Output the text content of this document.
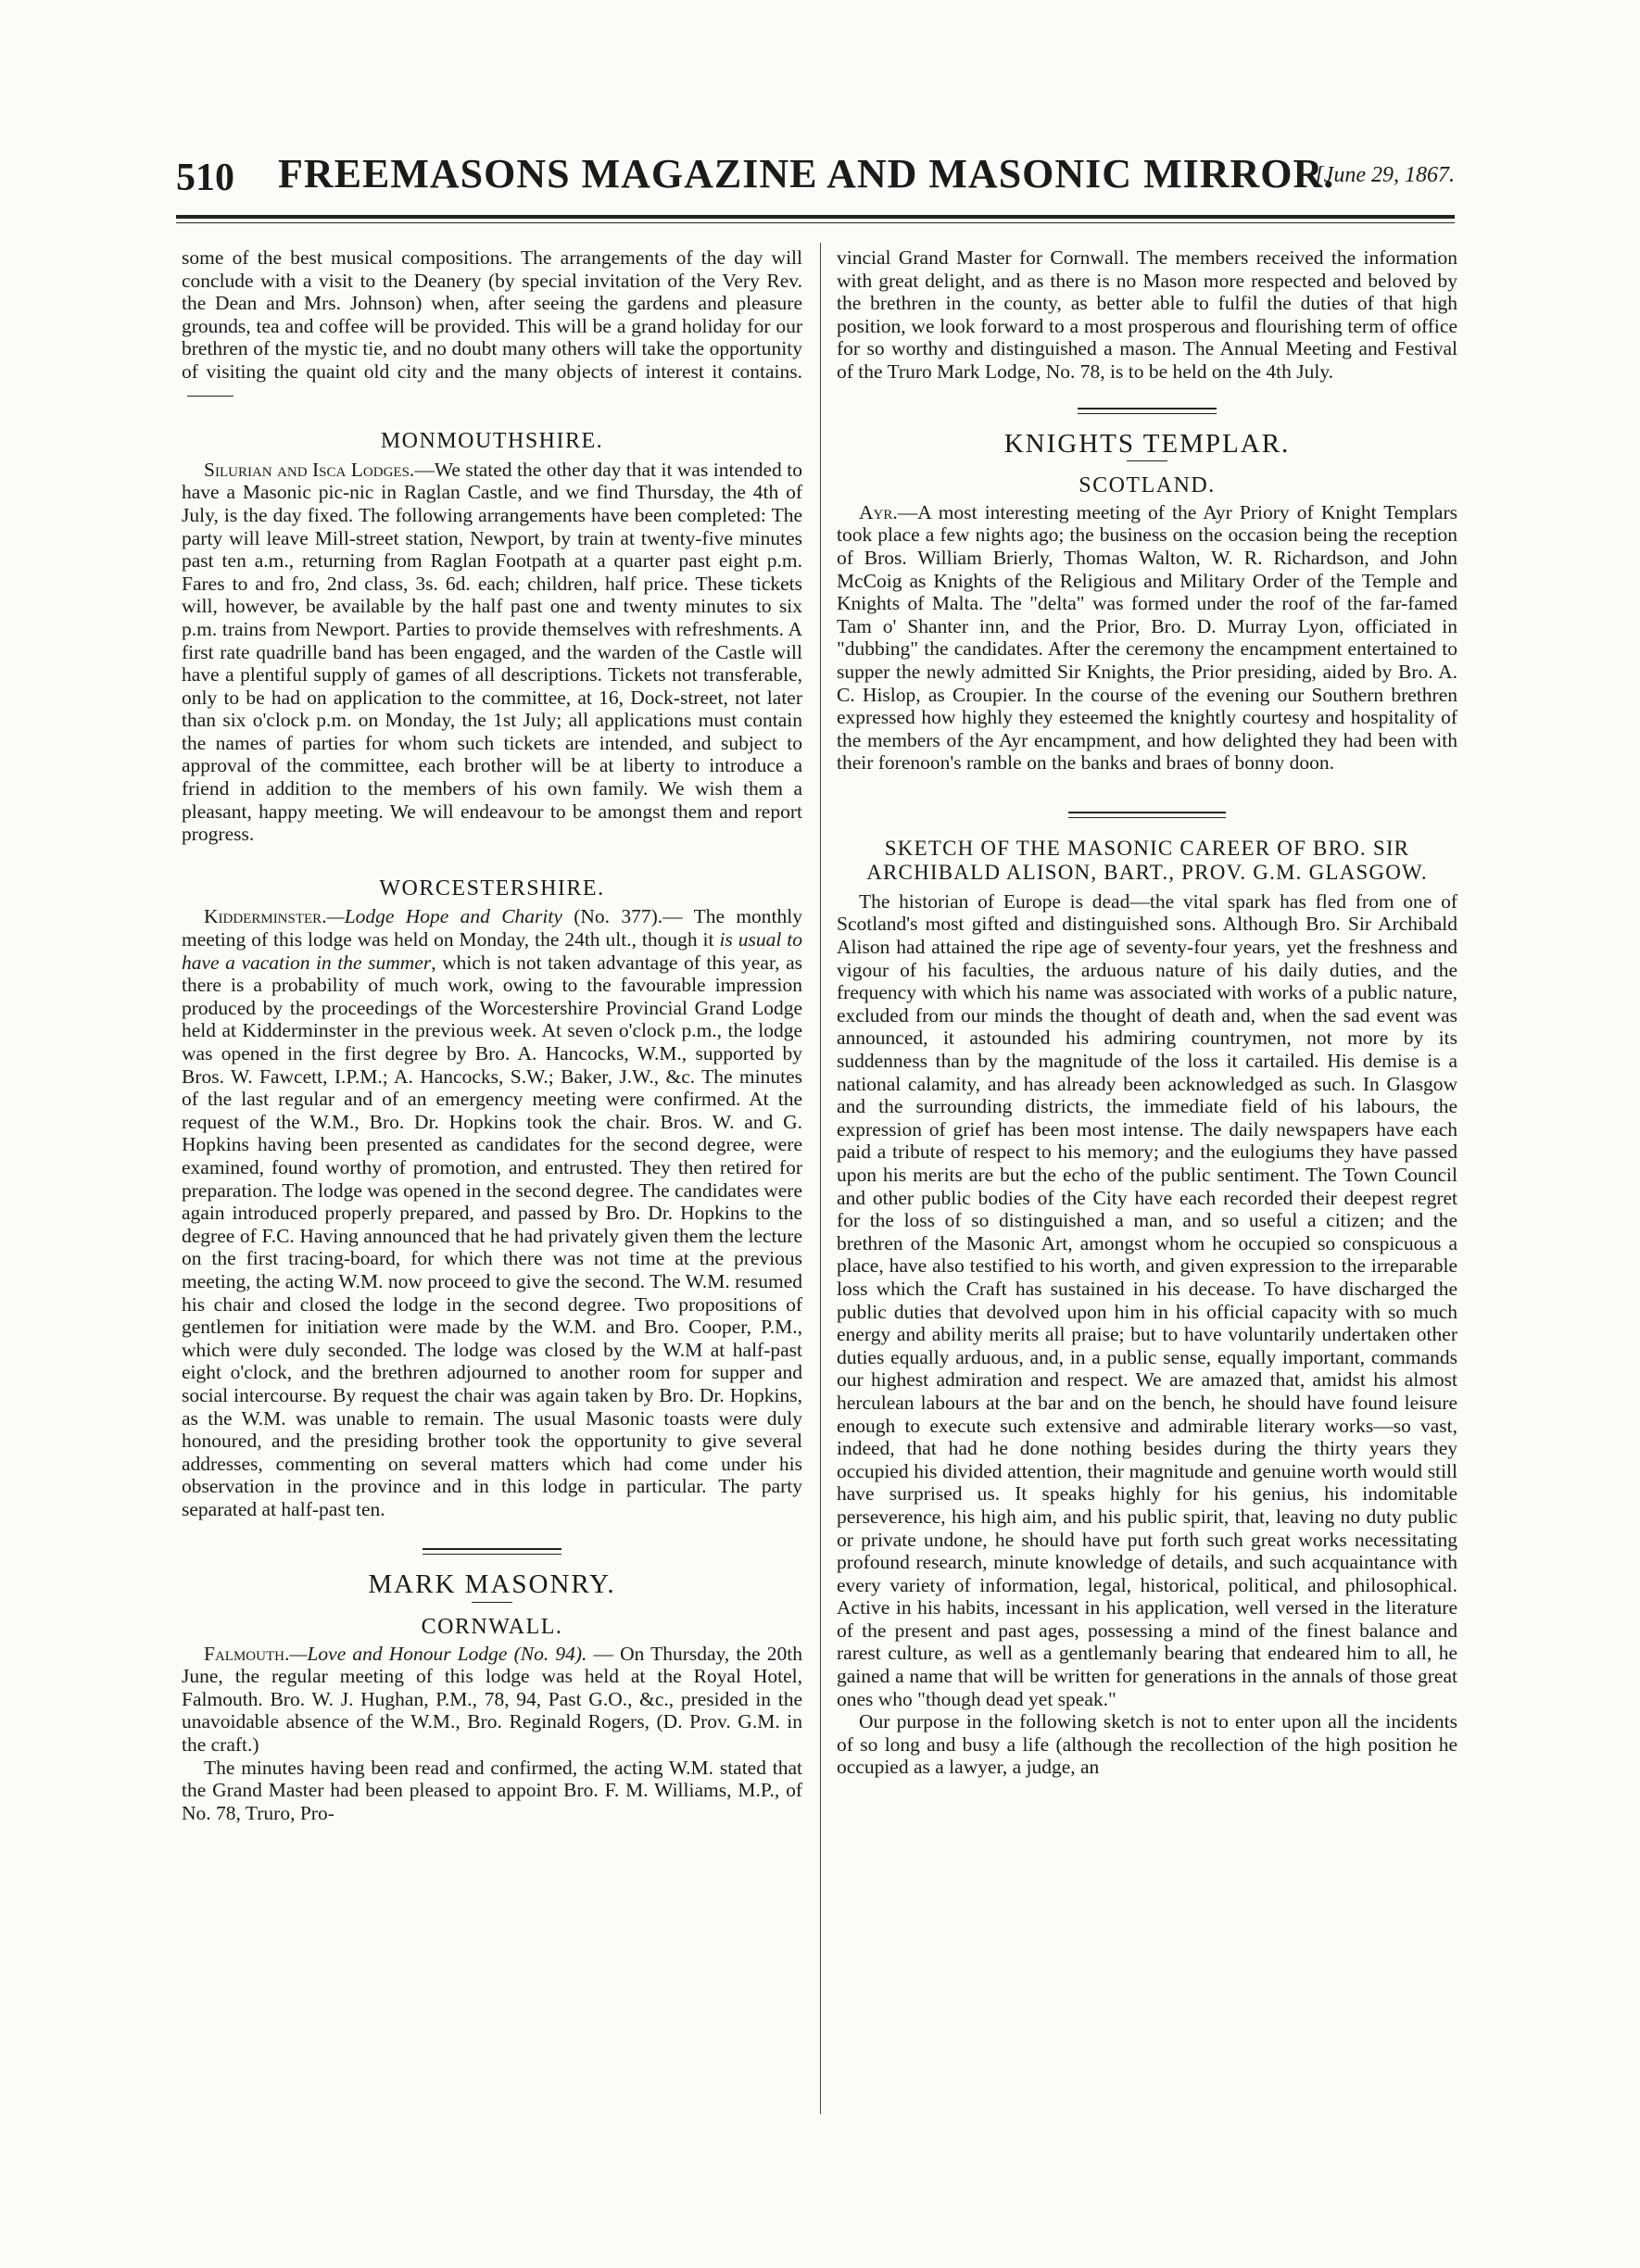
510 FREEMASONS MAGAZINE AND MASONIC MIRROR.
[June 29, 1867.

some of the best musical compositions. The arrangements of the day will conclude with a visit to the Deanery (by special invitation of the Very Rev. the Dean and Mrs. Johnson) when, after seeing the gardens and pleasure grounds, tea and coffee will be provided. This will be a grand holiday for our brethren of the mystic tie, and no doubt many others will take the opportunity of visiting the quaint old city and the many objects of interest it contains.

MONMOUTHSHIRE.

Silurian and Isca Lodges.—We stated the other day that it was intended to have a Masonic pic-nic in Raglan Castle, and we find Thursday, the 4th of July, is the day fixed. The following arrangements have been completed: The party will leave Mill-street station, Newport, by train at twenty-five minutes past ten a.m., returning from Raglan Footpath at a quarter past eight p.m. Fares to and fro, 2nd class, 3s. 6d. each; children, half price. These tickets will, however, be available by the half past one and twenty minutes to six p.m. trains from Newport. Parties to provide themselves with refreshments. A first rate quadrille band has been engaged, and the warden of the Castle will have a plentiful supply of games of all descriptions. Tickets not transferable, only to be had on application to the committee, at 16, Dock-street, not later than six o'clock p.m. on Monday, the 1st July; all applications must contain the names of parties for whom such tickets are intended, and subject to approval of the committee, each brother will be at liberty to introduce a friend in addition to the members of his own family. We wish them a pleasant, happy meeting. We will endeavour to be amongst them and report progress.

WORCESTERSHIRE.

Kidderminster.—Lodge Hope and Charity (No. 377).— The monthly meeting of this lodge was held on Monday, the 24th ult., though it is usual to have a vacation in the summer, which is not taken advantage of this year, as there is a probability of much work, owing to the favourable impression produced by the proceedings of the Worcestershire Provincial Grand Lodge held at Kidderminster in the previous week. At seven o'clock p.m., the lodge was opened in the first degree by Bro. A. Hancocks, W.M., supported by Bros. W. Fawcett, I.P.M.; A. Hancocks, S.W.; Baker, J.W., &c. The minutes of the last regular and of an emergency meeting were confirmed. At the request of the W.M., Bro. Dr. Hopkins took the chair. Bros. W. and G. Hopkins having been presented as candidates for the second degree, were examined, found worthy of promotion, and entrusted. They then retired for preparation. The lodge was opened in the second degree. The candidates were again introduced properly prepared, and passed by Bro. Dr. Hopkins to the degree of F.C. Having announced that he had privately given them the lecture on the first tracing-board, for which there was not time at the previous meeting, the acting W.M. now proceed to give the second. The W.M. resumed his chair and closed the lodge in the second degree. Two propositions of gentlemen for initiation were made by the W.M. and Bro. Cooper, P.M., which were duly seconded. The lodge was closed by the W.M at half-past eight o'clock, and the brethren adjourned to another room for supper and social intercourse. By request the chair was again taken by Bro. Dr. Hopkins, as the W.M. was unable to remain. The usual Masonic toasts were duly honoured, and the presiding brother took the opportunity to give several addresses, commenting on several matters which had come under his observation in the province and in this lodge in particular. The party separated at half-past ten.

MARK MASONRY.
CORNWALL.

Falmouth.—Love and Honour Lodge (No. 94). — On Thursday, the 20th June, the regular meeting of this lodge was held at the Royal Hotel, Falmouth. Bro. W. J. Hughan, P.M., 78, 94, Past G.O., &c., presided in the unavoidable absence of the W.M., Bro. Reginald Rogers, (D. Prov. G.M. in the craft.)

The minutes having been read and confirmed, the acting W.M. stated that the Grand Master had been pleased to appoint Bro. F. M. Williams, M.P., of No. 78, Truro, Pro-

vincial Grand Master for Cornwall. The members received the information with great delight, and as there is no Mason more respected and beloved by the brethren in the county, as better able to fulfil the duties of that high position, we look forward to a most prosperous and flourishing term of office for so worthy and distinguished a mason. The Annual Meeting and Festival of the Truro Mark Lodge, No. 78, is to be held on the 4th July.

KNIGHTS TEMPLAR.
SCOTLAND.

Ayr.—A most interesting meeting of the Ayr Priory of Knight Templars took place a few nights ago; the business on the occasion being the reception of Bros. William Brierly, Thomas Walton, W. R. Richardson, and John McCoig as Knights of the Religious and Military Order of the Temple and Knights of Malta. The "delta" was formed under the roof of the far-famed Tam o' Shanter inn, and the Prior, Bro. D. Murray Lyon, officiated in "dubbing" the candidates. After the ceremony the encampment entertained to supper the newly admitted Sir Knights, the Prior presiding, aided by Bro. A. C. Hislop, as Croupier. In the course of the evening our Southern brethren expressed how highly they esteemed the knightly courtesy and hospitality of the members of the Ayr encampment, and how delighted they had been with their forenoon's ramble on the banks and braes of bonny doon.

SKETCH OF THE MASONIC CAREER OF BRO. SIR
ARCHIBALD ALISON, BART., PROV. G.M. GLASGOW.

The historian of Europe is dead—the vital spark has fled from one of Scotland's most gifted and distinguished sons. Although Bro. Sir Archibald Alison had attained the ripe age of seventy-four years, yet the freshness and vigour of his faculties, the arduous nature of his daily duties, and the frequency with which his name was associated with works of a public nature, excluded from our minds the thought of death and, when the sad event was announced, it astounded his admiring countrymen, not more by its suddenness than by the magnitude of the loss it cartailed. His demise is a national calamity, and has already been acknowledged as such. In Glasgow and the surrounding districts, the immediate field of his labours, the expression of grief has been most intense. The daily newspapers have each paid a tribute of respect to his memory; and the eulogiums they have passed upon his merits are but the echo of the public sentiment. The Town Council and other public bodies of the City have each recorded their deepest regret for the loss of so distinguished a man, and so useful a citizen; and the brethren of the Masonic Art, amongst whom he occupied so conspicuous a place, have also testified to his worth, and given expression to the irreparable loss which the Craft has sustained in his decease. To have discharged the public duties that devolved upon him in his official capacity with so much energy and ability merits all praise; but to have voluntarily undertaken other duties equally arduous, and, in a public sense, equally important, commands our highest admiration and respect. We are amazed that, amidst his almost herculean labours at the bar and on the bench, he should have found leisure enough to execute such extensive and admirable literary works—so vast, indeed, that had he done nothing besides during the thirty years they occupied his divided attention, their magnitude and genuine worth would still have surprised us. It speaks highly for his genius, his indomitable perseverence, his high aim, and his public spirit, that, leaving no duty public or private undone, he should have put forth such great works necessitating profound research, minute knowledge of details, and such acquaintance with every variety of information, legal, historical, political, and philosophical. Active in his habits, incessant in his application, well versed in the literature of the present and past ages, possessing a mind of the finest balance and rarest culture, as well as a gentlemanly bearing that endeared him to all, he gained a name that will be written for generations in the annals of those great ones who "though dead yet speak."

Our purpose in the following sketch is not to enter upon all the incidents of so long and busy a life (although the recollection of the high position he occupied as a lawyer, a judge, an
